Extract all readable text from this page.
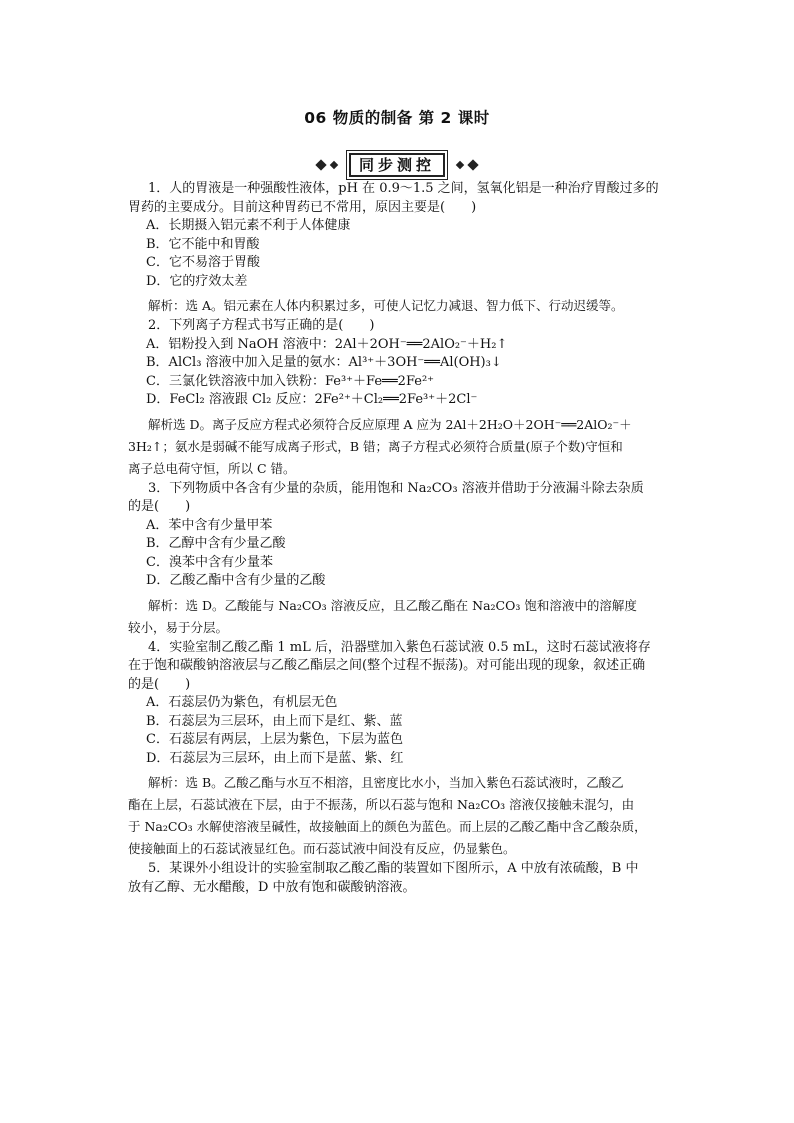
06 物质的制备 第 2 课时
同步测控
1．人的胃液是一种强酸性液体，pH 在 0.9～1.5 之间，氢氧化铝是一种治疗胃酸过多的
胃药的主要成分。目前这种胃药已不常用，原因主要是(　　)
A．长期摄入铝元素不利于人体健康
B．它不能中和胃酸
C．它不易溶于胃酸
D．它的疗效太差
解析：选 A。铝元素在人体内积累过多，可使人记忆力减退、智力低下、行动迟缓等。
2．下列离子方程式书写正确的是(　　)
A．铝粉投入到 NaOH 溶液中：2Al＋2OH⁻══2AlO₂⁻＋H₂↑
B．AlCl₃ 溶液中加入足量的氨水：Al³⁺＋3OH⁻══Al(OH)₃↓
C．三氯化铁溶液中加入铁粉：Fe³⁺＋Fe══2Fe²⁺
D．FeCl₂ 溶液跟 Cl₂ 反应：2Fe²⁺＋Cl₂══2Fe³⁺＋2Cl⁻
解析选 D。离子反应方程式必须符合反应原理 A 应为 2Al＋2H₂O＋2OH⁻══2AlO₂⁻＋
3H₂↑；氨水是弱碱不能写成离子形式，B 错；离子方程式必须符合质量(原子个数)守恒和
离子总电荷守恒，所以 C 错。
3．下列物质中各含有少量的杂质，能用饱和 Na₂CO₃ 溶液并借助于分液漏斗除去杂质
的是(　　)
A．苯中含有少量甲苯
B．乙醇中含有少量乙酸
C．溴苯中含有少量苯
D．乙酸乙酯中含有少量的乙酸
解析：选 D。乙酸能与 Na₂CO₃ 溶液反应，且乙酸乙酯在 Na₂CO₃ 饱和溶液中的溶解度
较小，易于分层。
4．实验室制乙酸乙酯 1 mL 后，沿器壁加入紫色石蕊试液 0.5 mL，这时石蕊试液将存
在于饱和碳酸钠溶液层与乙酸乙酯层之间(整个过程不振荡)。对可能出现的现象，叙述正确
的是(　　)
A．石蕊层仍为紫色，有机层无色
B．石蕊层为三层环，由上而下是红、紫、蓝
C．石蕊层有两层，上层为紫色，下层为蓝色
D．石蕊层为三层环，由上而下是蓝、紫、红
解析：选 B。乙酸乙酯与水互不相溶，且密度比水小，当加入紫色石蕊试液时，乙酸乙
酯在上层，石蕊试液在下层，由于不振荡，所以石蕊与饱和 Na₂CO₃ 溶液仅接触未混匀，由
于 Na₂CO₃ 水解使溶液呈碱性，故接触面上的颜色为蓝色。而上层的乙酸乙酯中含乙酸杂质，
使接触面上的石蕊试液显红色。而石蕊试液中间没有反应，仍显紫色。
5．某课外小组设计的实验室制取乙酸乙酯的装置如下图所示，A 中放有浓硫酸，B 中
放有乙醇、无水醋酸，D 中放有饱和碳酸钠溶液。
